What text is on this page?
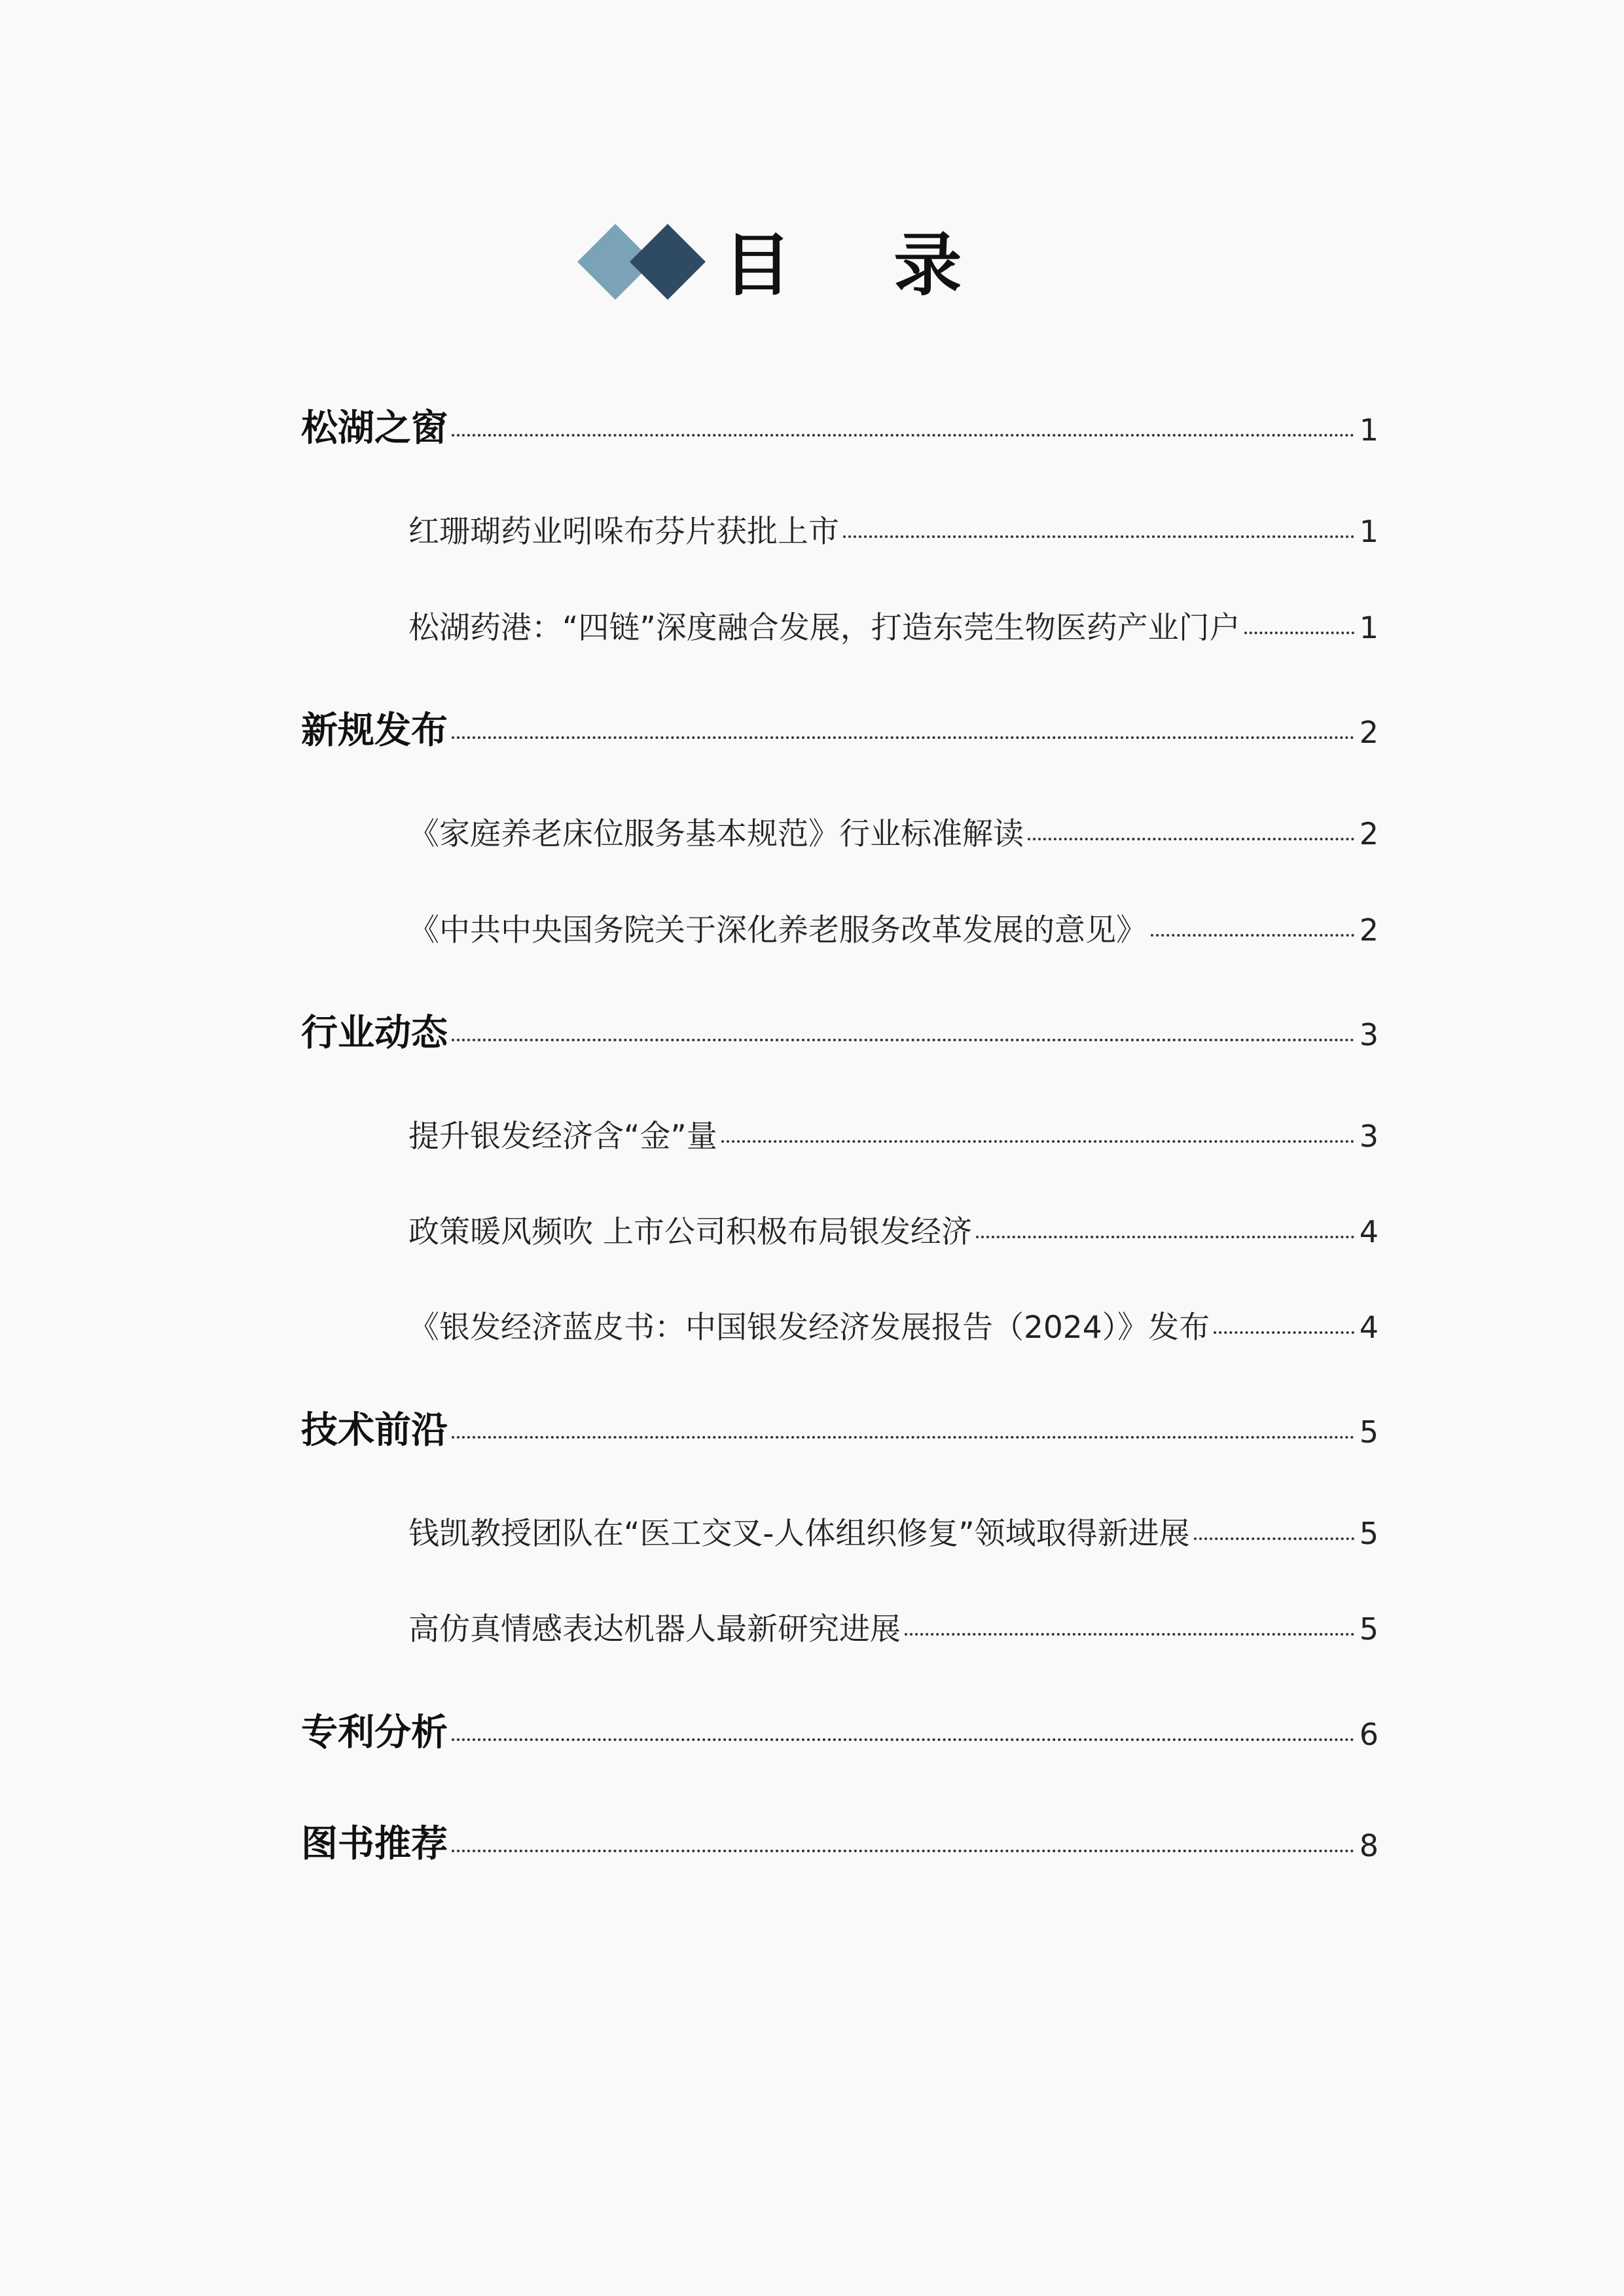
目 录
松湖之窗	1
红珊瑚药业吲哚布芬片获批上市	1
松湖药港：“四链”深度融合发展，打造东莞生物医药产业门户	1
新规发布	2
《家庭养老床位服务基本规范》行业标准解读	2
《中共中央国务院关于深化养老服务改革发展的意见》	2
行业动态	3
提升银发经济含“金”量	3
政策暖风频吹 上市公司积极布局银发经济	4
《银发经济蓝皮书：中国银发经济发展报告（2024）》发布	4
技术前沿	5
钱凯教授团队在“医工交叉-人体组织修复”领域取得新进展	5
高仿真情感表达机器人最新研究进展	5
专利分析	6
图书推荐	8
